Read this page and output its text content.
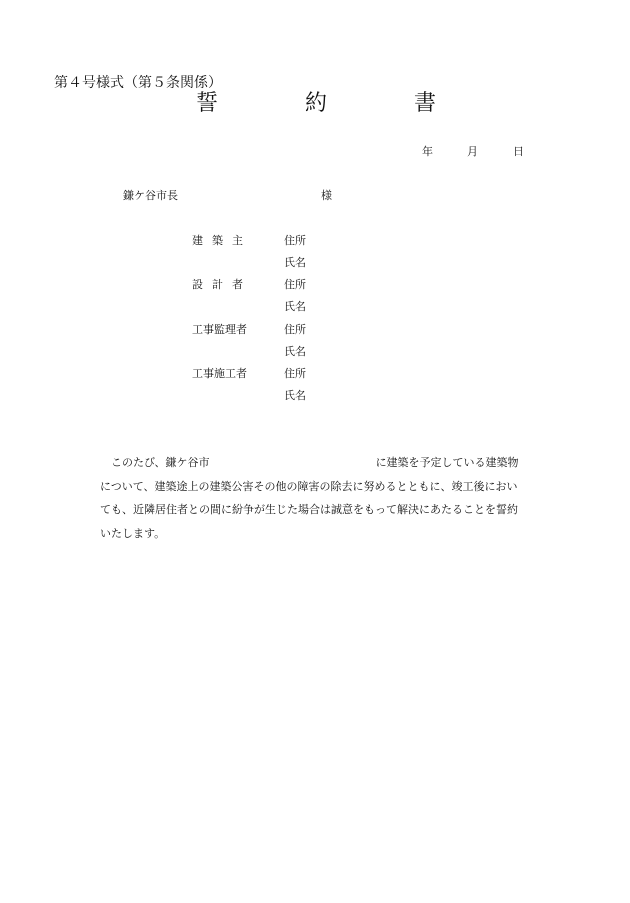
第４号様式（第５条関係）
誓	約	書
年	月	日
鎌ケ谷市長	様
建築主	住所
氏名
設計者	住所
氏名
工事監理者	住所
氏名
工事施工者	住所
氏名
　このたび、鎌ケ谷市	に建築を予定している建築物
について、建築途上の建築公害その他の障害の除去に努めるとともに、竣工後におい
ても、近隣居住者との間に紛争が生じた場合は誠意をもって解決にあたることを誓約
いたします。
